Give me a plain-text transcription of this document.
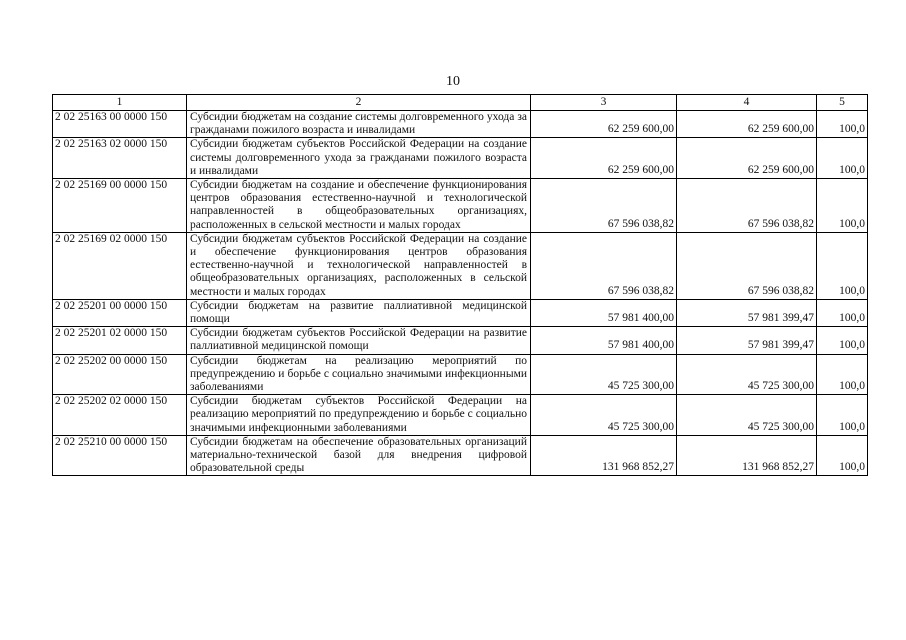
10
1	2	3	4	5
2 02 25163 00 0000 150	Субсидии бюджетам на создание системы долговременного ухода за гражданами пожилого возраста и инвалидами	62 259 600,00	62 259 600,00	100,0
2 02 25163 02 0000 150	Субсидии бюджетам субъектов Российской Федерации на создание системы долговременного ухода за гражданами пожилого возраста и инвалидами	62 259 600,00	62 259 600,00	100,0
2 02 25169 00 0000 150	Субсидии бюджетам на создание и обеспечение функционирования центров образования естественно-научной и технологической направленностей в общеобразовательных организациях, расположенных в сельской местности и малых городах	67 596 038,82	67 596 038,82	100,0
2 02 25169 02 0000 150	Субсидии бюджетам субъектов Российской Федерации на создание и обеспечение функционирования центров образования естественно-научной и технологической направленностей в общеобразовательных организациях, расположенных в сельской местности и малых городах	67 596 038,82	67 596 038,82	100,0
2 02 25201 00 0000 150	Субсидии бюджетам на развитие паллиативной медицинской помощи	57 981 400,00	57 981 399,47	100,0
2 02 25201 02 0000 150	Субсидии бюджетам субъектов Российской Федерации на развитие паллиативной медицинской помощи	57 981 400,00	57 981 399,47	100,0
2 02 25202 00 0000 150	Субсидии бюджетам на реализацию мероприятий по предупреждению и борьбе с социально значимыми инфекционными заболеваниями	45 725 300,00	45 725 300,00	100,0
2 02 25202 02 0000 150	Субсидии бюджетам субъектов Российской Федерации на реализацию мероприятий по предупреждению и борьбе с социально значимыми инфекционными заболеваниями	45 725 300,00	45 725 300,00	100,0
2 02 25210 00 0000 150	Субсидии бюджетам на обеспечение образовательных организаций материально-технической базой для внедрения цифровой образовательной среды	131 968 852,27	131 968 852,27	100,0
